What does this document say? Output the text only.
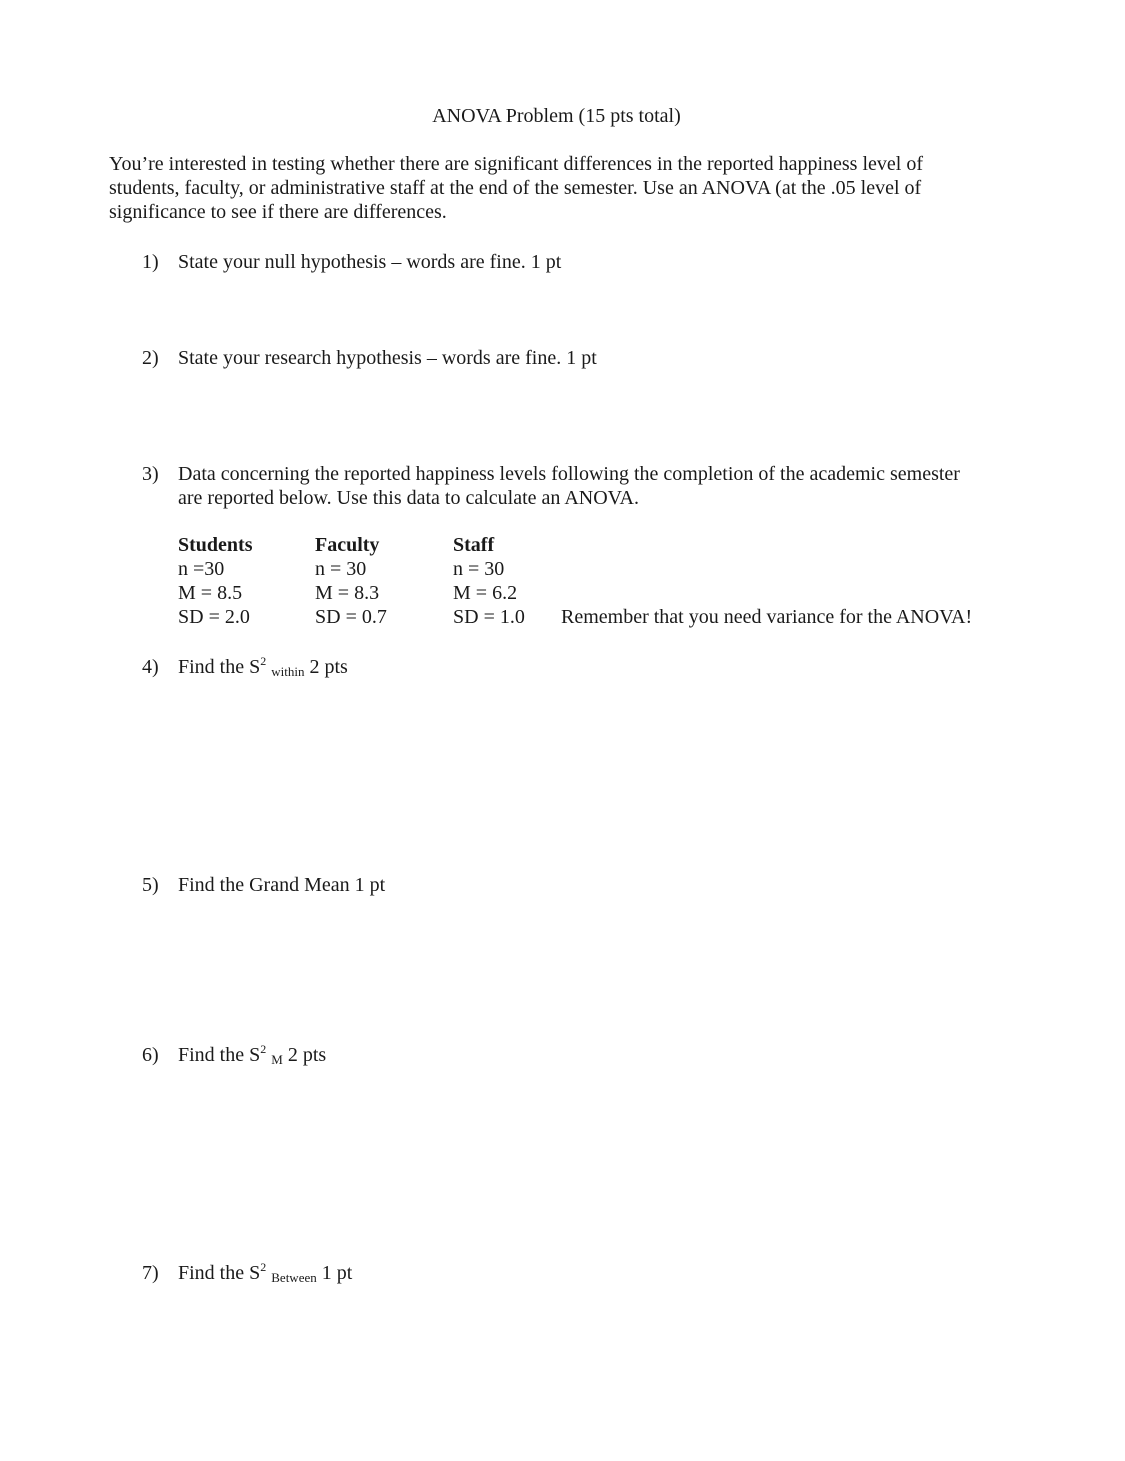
ANOVA Problem (15 pts total)
You’re interested in testing whether there are significant differences in the reported happiness level of
students, faculty, or administrative staff at the end of the semester. Use an ANOVA (at the .05 level of
significance to see if there are differences.
1) State your null hypothesis – words are fine. 1 pt
2) State your research hypothesis – words are fine. 1 pt
3) Data concerning the reported happiness levels following the completion of the academic semester
are reported below. Use this data to calculate an ANOVA.
Students
n =30
M = 8.5
SD = 2.0
Faculty
n = 30
M = 8.3
SD = 0.7
Staff
n = 30
M = 6.2
SD = 1.0 Remember that you need variance for the ANOVA!
4) Find the $S^2$ $_{within}$ 2 pts
5) Find the Grand Mean 1 pt
6) Find the $S^2$ $_M$ 2 pts
7) Find the $S^2$ $_{Between}$ 1 pt
